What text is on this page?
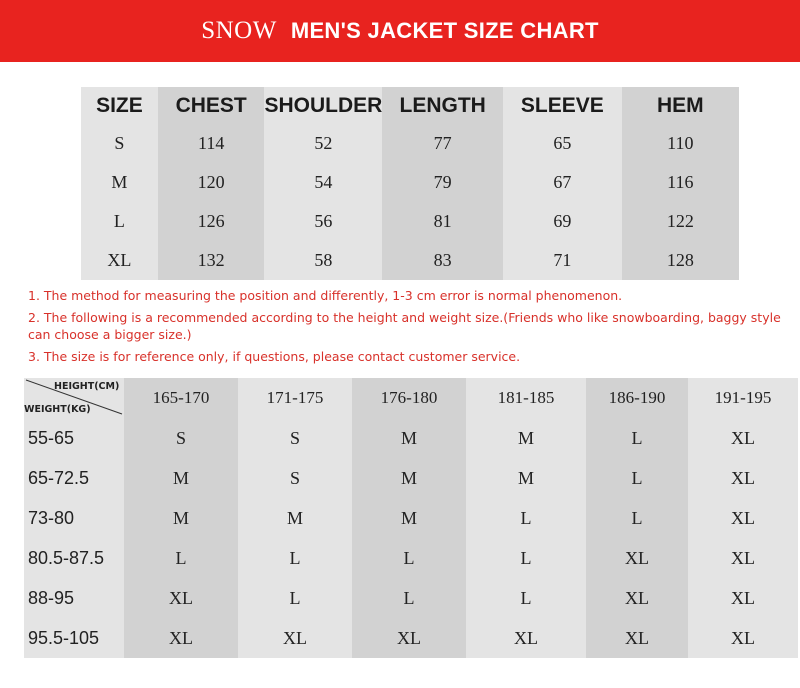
SNOW MEN'S JACKET SIZE CHART
SIZE	CHEST	SHOULDER	LENGTH	SLEEVE	HEM
S	114	52	77	65	110
M	120	54	79	67	116
L	126	56	81	69	122
XL	132	58	83	71	128

1. The method for measuring the position and differently, 1-3 cm error is normal phenomenon.

2. The following is a recommended according to the height and weight size.(Friends who like snowboarding, baggy style can choose a bigger size.)

3. The size is for reference only, if questions, please contact customer service.

HEIGHT(CM)
WEIGHT(KG)	165-170	171-175	176-180	181-185	186-190	191-195
55-65	S	S	M	M	L	XL
65-72.5	M	S	M	M	L	XL
73-80	M	M	M	L	L	XL
80.5-87.5	L	L	L	L	XL	XL
88-95	XL	L	L	L	XL	XL
95.5-105	XL	XL	XL	XL	XL	XL
